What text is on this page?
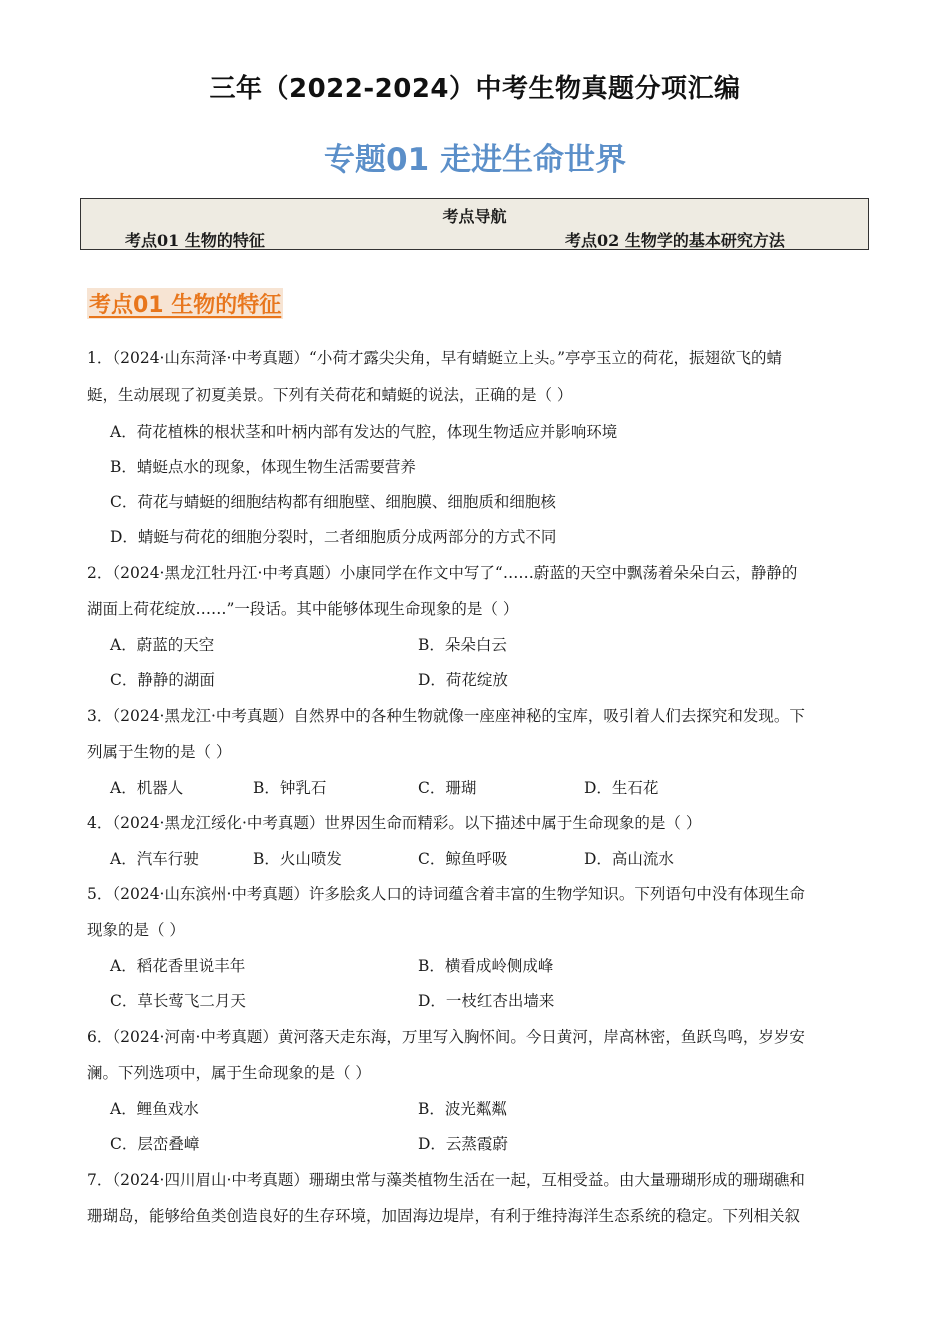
三年（2022-2024）中考生物真题分项汇编
专题01 走进生命世界
考点导航
考点01 生物的特征	考点02 生物学的基本研究方法
考点01 生物的特征
1．（2024·山东菏泽·中考真题）“小荷才露尖尖角，早有蜻蜓立上头。”亭亭玉立的荷花，振翅欲飞的蜻
蜓，生动展现了初夏美景。下列有关荷花和蜻蜓的说法，正确的是（ ）
A．荷花植株的根状茎和叶柄内部有发达的气腔，体现生物适应并影响环境
B．蜻蜓点水的现象，体现生物生活需要营养
C．荷花与蜻蜓的细胞结构都有细胞壁、细胞膜、细胞质和细胞核
D．蜻蜓与荷花的细胞分裂时，二者细胞质分成两部分的方式不同
2．（2024·黑龙江牡丹江·中考真题）小康同学在作文中写了“……蔚蓝的天空中飘荡着朵朵白云，静静的
湖面上荷花绽放……”一段话。其中能够体现生命现象的是（ ）
A．蔚蓝的天空	B．朵朵白云
C．静静的湖面	D．荷花绽放
3．（2024·黑龙江·中考真题）自然界中的各种生物就像一座座神秘的宝库，吸引着人们去探究和发现。下
列属于生物的是（ ）
A．机器人	B．钟乳石	C．珊瑚	D．生石花
4．（2024·黑龙江绥化·中考真题）世界因生命而精彩。以下描述中属于生命现象的是（ ）
A．汽车行驶	B．火山喷发	C．鲸鱼呼吸	D．高山流水
5．（2024·山东滨州·中考真题）许多脍炙人口的诗词蕴含着丰富的生物学知识。下列语句中没有体现生命
现象的是（ ）
A．稻花香里说丰年	B．横看成岭侧成峰
C．草长莺飞二月天	D．一枝红杏出墙来
6．（2024·河南·中考真题）黄河落天走东海，万里写入胸怀间。今日黄河，岸高林密，鱼跃鸟鸣，岁岁安
澜。下列选项中，属于生命现象的是（ ）
A．鲤鱼戏水	B．波光粼粼
C．层峦叠嶂	D．云蒸霞蔚
7．（2024·四川眉山·中考真题）珊瑚虫常与藻类植物生活在一起，互相受益。由大量珊瑚形成的珊瑚礁和
珊瑚岛，能够给鱼类创造良好的生存环境，加固海边堤岸，有利于维持海洋生态系统的稳定。下列相关叙
